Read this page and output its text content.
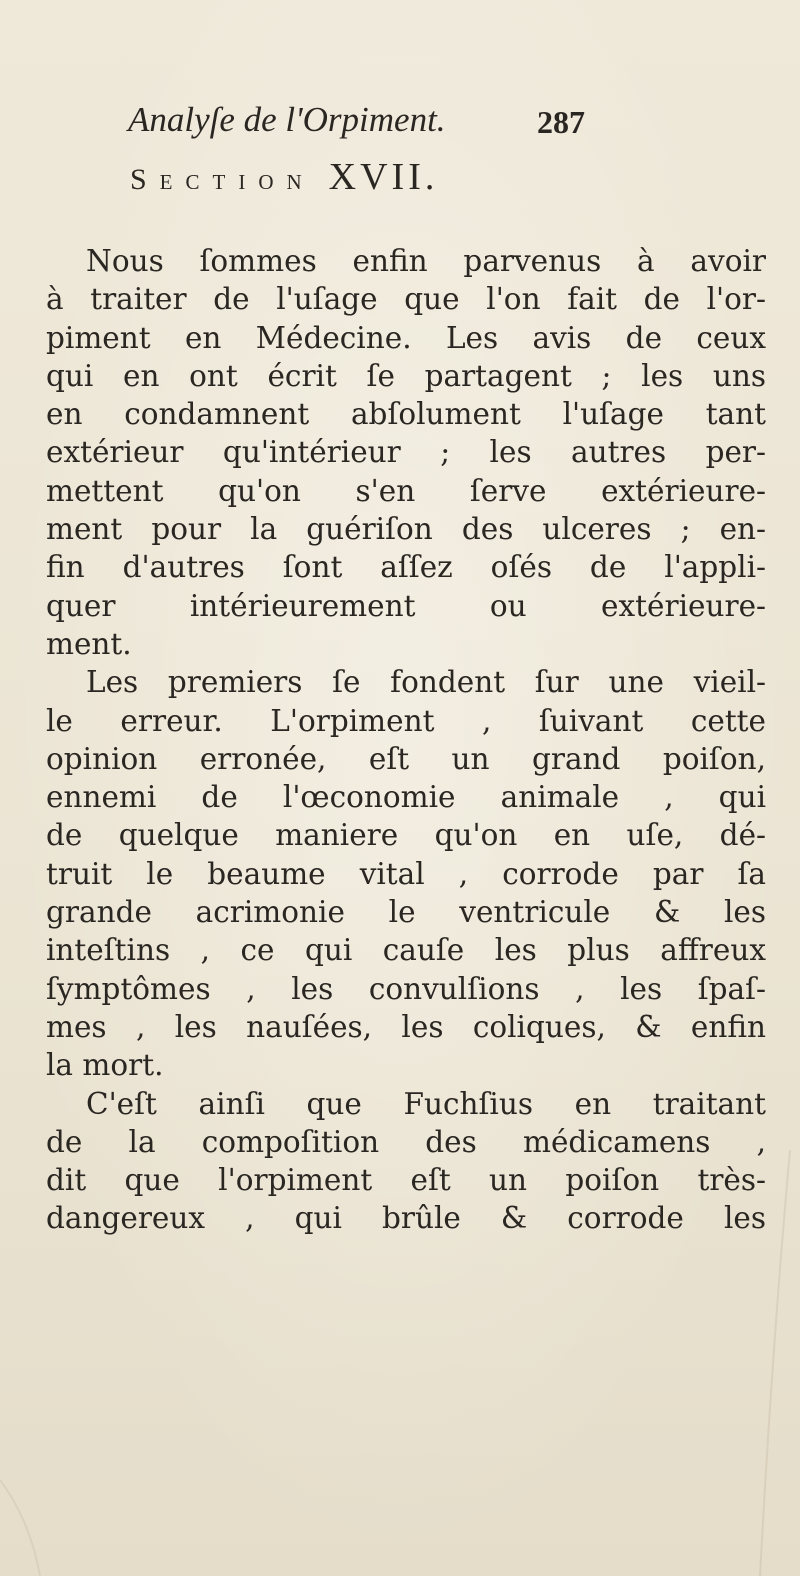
Analyſe de l'Orpiment.	287
Section XVII.
Nous ſommes enfin parvenus à avoir
à traiter de l'uſage que l'on fait de l'or-
piment en Médecine. Les avis de ceux
qui en ont écrit ſe partagent ; les uns
en condamnent abſolument l'uſage tant
extérieur qu'intérieur ; les autres per-
mettent qu'on s'en ſerve extérieure-
ment pour la guériſon des ulceres ; en-
fin d'autres ſont aſſez oſés de l'appli-
quer intérieurement ou extérieure-
ment.
Les premiers ſe fondent ſur une vieil-
le erreur. L'orpiment , ſuivant cette
opinion erronée, eſt un grand poiſon,
ennemi de l'œconomie animale , qui
de quelque maniere qu'on en uſe, dé-
truit le beaume vital , corrode par ſa
grande acrimonie le ventricule & les
inteſtins , ce qui cauſe les plus affreux
ſymptômes , les convulſions , les ſpaſ-
mes , les nauſées, les coliques, & enfin
la mort.
C'eſt ainſi que Fuchſius en traitant
de la compoſition des médicamens ,
dit que l'orpiment eſt un poiſon très-
dangereux , qui brûle & corrode les
